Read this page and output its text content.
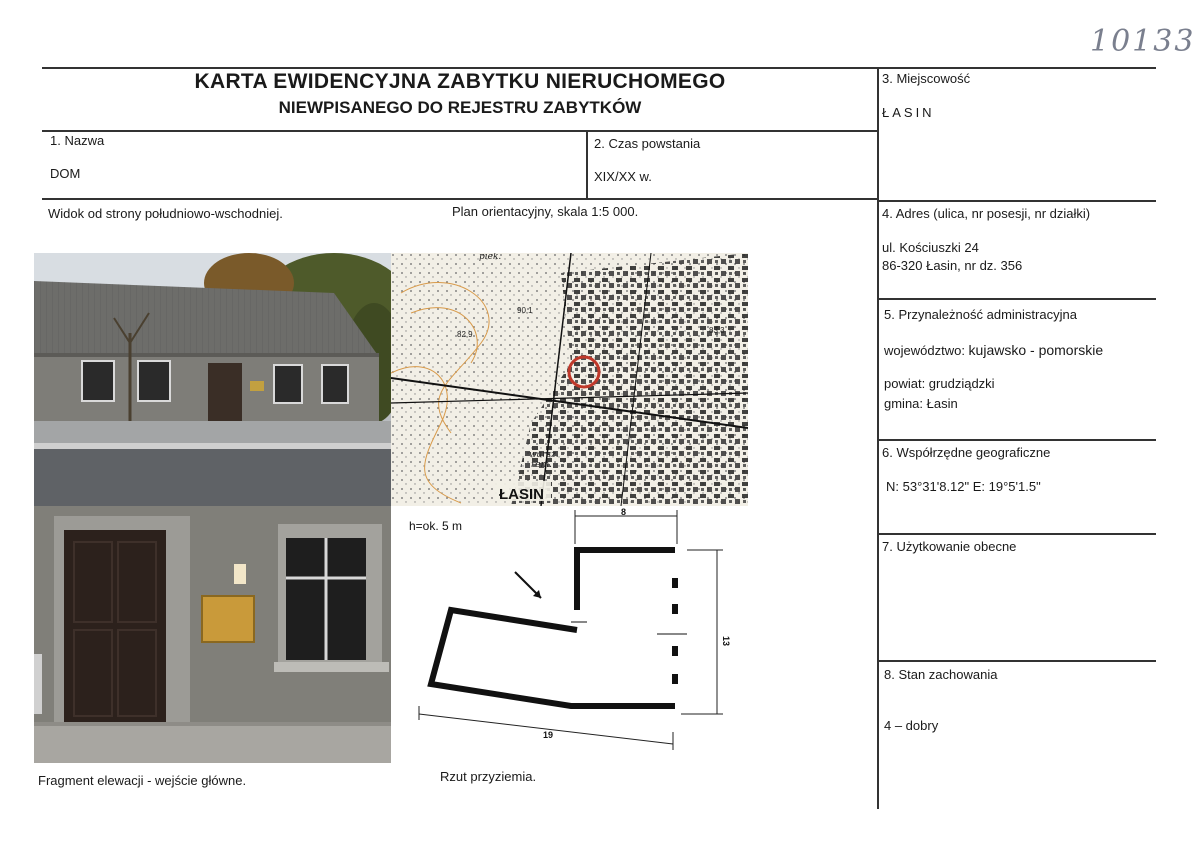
10133
KARTA EWIDENCYJNA ZABYTKU NIERUCHOMEGO
NIEWPISANEGO DO REJESTRU ZABYTKÓW
1. Nazwa
DOM
2. Czas powstania
XIX/XX w.
3. Miejscowość
ŁASIN
4. Adres (ulica, nr posesji, nr działki)
ul. Kościuszki 24
86-320 Łasin, nr dz. 356
5. Przynależność administracyjna
województwo: kujawsko - pomorskie
powiat: grudziądzki
gmina: Łasin
6. Współrzędne geograficzne
N: 53°31'8.12" E: 19°5'1.5"
7. Użytkowanie obecne
8. Stan zachowania
4 – dobry
Widok od strony południowo-wschodniej.	Plan orientacyjny, skala 1:5 000.
Fragment elewacji - wejście główne.	Rzut przyziemia.
piek.
90,1
82,9	83,3
warsz.
rem.
ŁASIN
h=ok. 5 m
8
13
19
